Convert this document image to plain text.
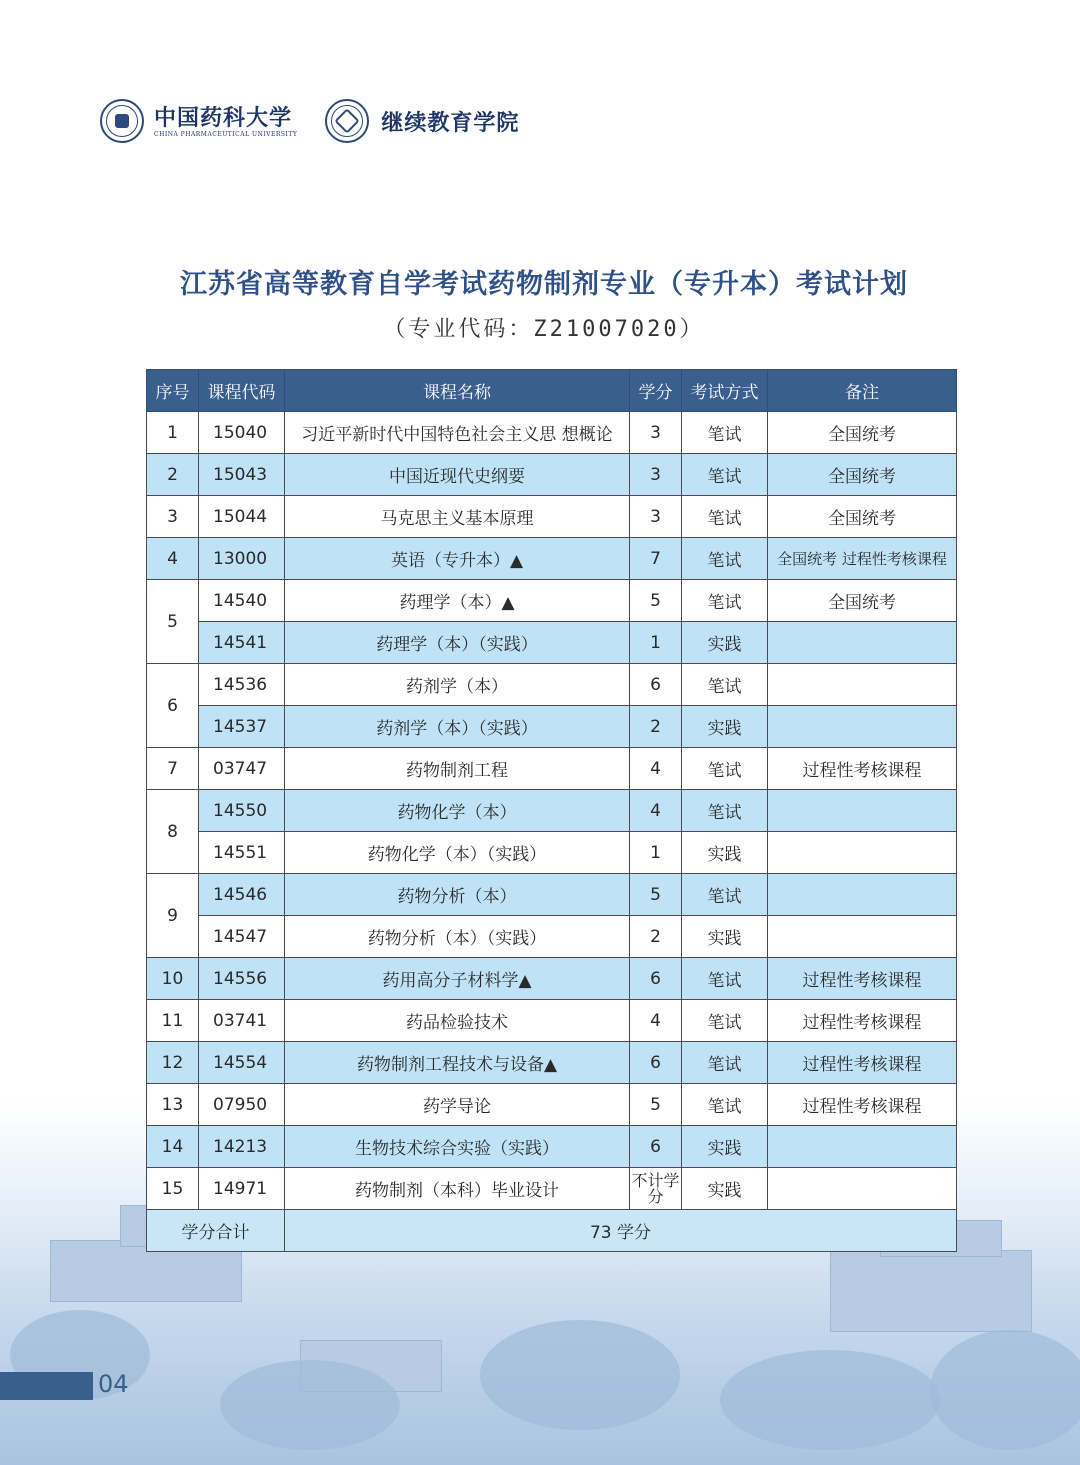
中国药科大学
CHINA PHARMACEUTICAL UNIVERSITY	继续教育学院
江苏省高等教育自学考试药物制剂专业（专升本）考试计划
（专业代码：Z21007020）
序号	课程代码	课程名称	学分	考试方式	备注
1	15040	习近平新时代中国特色社会主义思 想概论	3	笔试	全国统考
2	15043	中国近现代史纲要	3	笔试	全国统考
3	15044	马克思主义基本原理	3	笔试	全国统考
4	13000	英语（专升本）▲	7	笔试	全国统考 过程性考核课程
5	14540	药理学（本）▲	5	笔试	全国统考
	14541	药理学（本）（实践）	1	实践	
6	14536	药剂学（本）	6	笔试	
	14537	药剂学（本）（实践）	2	实践	
7	03747	药物制剂工程	4	笔试	过程性考核课程
8	14550	药物化学（本）	4	笔试	
	14551	药物化学（本）（实践）	1	实践	
9	14546	药物分析（本）	5	笔试	
	14547	药物分析（本）（实践）	2	实践	
10	14556	药用高分子材料学▲	6	笔试	过程性考核课程
11	03741	药品检验技术	4	笔试	过程性考核课程
12	14554	药物制剂工程技术与设备▲	6	笔试	过程性考核课程
13	07950	药学导论	5	笔试	过程性考核课程
14	14213	生物技术综合实验（实践）	6	实践	
15	14971	药物制剂（本科）毕业设计	不计学分	实践	
学分合计		73 学分			
04
